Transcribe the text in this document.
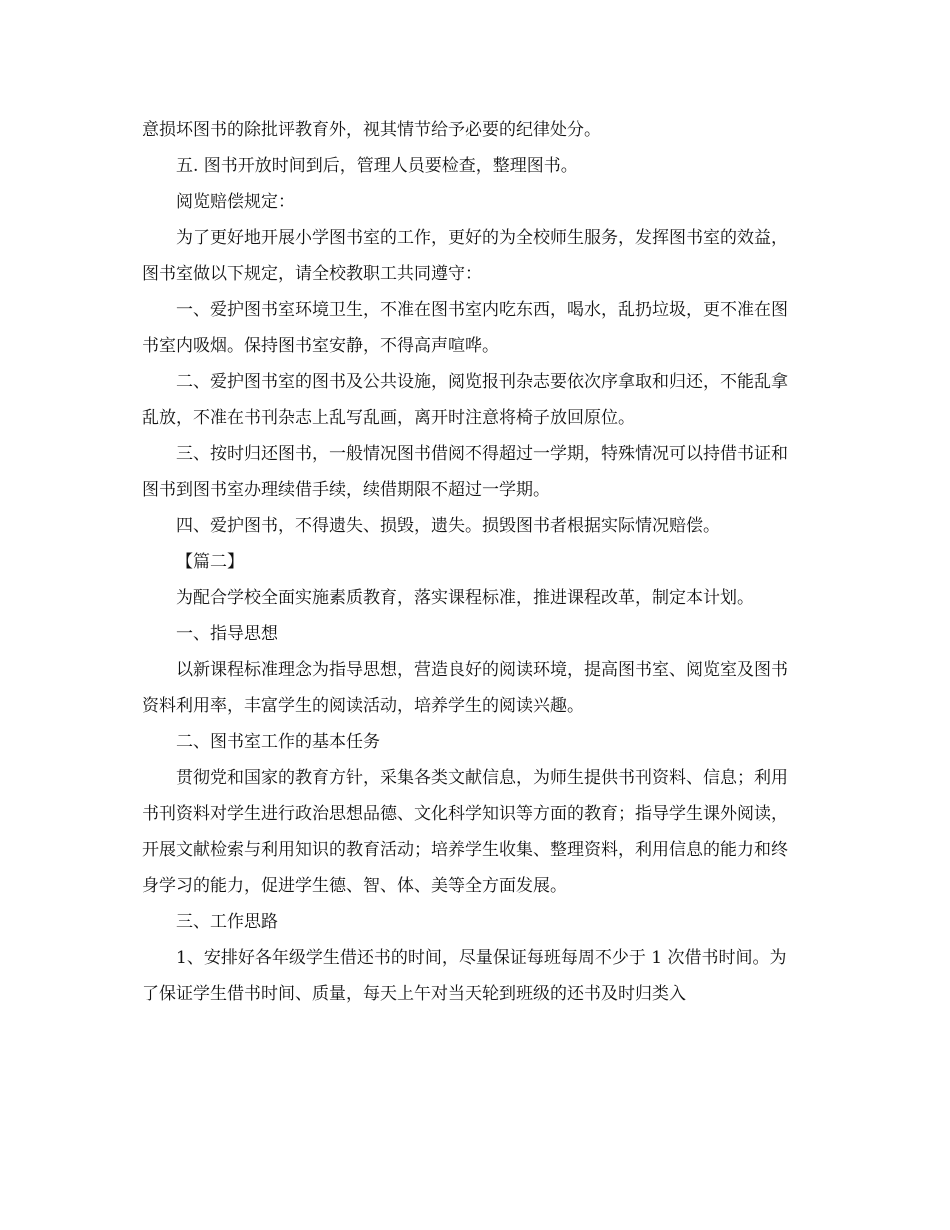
意损坏图书的除批评教育外，视其情节给予必要的纪律处分。

五. 图书开放时间到后，管理人员要检查，整理图书。

阅览赔偿规定：

为了更好地开展小学图书室的工作，更好的为全校师生服务，发挥图书室的效益，图书室做以下规定，请全校教职工共同遵守：

一、爱护图书室环境卫生，不准在图书室内吃东西，喝水，乱扔垃圾，更不准在图书室内吸烟。保持图书室安静，不得高声喧哗。

二、爱护图书室的图书及公共设施，阅览报刊杂志要依次序拿取和归还，不能乱拿乱放，不准在书刊杂志上乱写乱画，离开时注意将椅子放回原位。

三、按时归还图书，一般情况图书借阅不得超过一学期，特殊情况可以持借书证和图书到图书室办理续借手续，续借期限不超过一学期。

四、爱护图书，不得遗失、损毁，遗失。损毁图书者根据实际情况赔偿。

【篇二】

为配合学校全面实施素质教育，落实课程标准，推进课程改革，制定本计划。

一、指导思想

以新课程标准理念为指导思想，营造良好的阅读环境，提高图书室、阅览室及图书资料利用率，丰富学生的阅读活动，培养学生的阅读兴趣。

二、图书室工作的基本任务

贯彻党和国家的教育方针，采集各类文献信息，为师生提供书刊资料、信息；利用书刊资料对学生进行政治思想品德、文化科学知识等方面的教育；指导学生课外阅读，开展文献检索与利用知识的教育活动；培养学生收集、整理资料，利用信息的能力和终身学习的能力，促进学生德、智、体、美等全方面发展。

三、工作思路

1、安排好各年级学生借还书的时间，尽量保证每班每周不少于 1 次借书时间。为了保证学生借书时间、质量，每天上午对当天轮到班级的还书及时归类入
